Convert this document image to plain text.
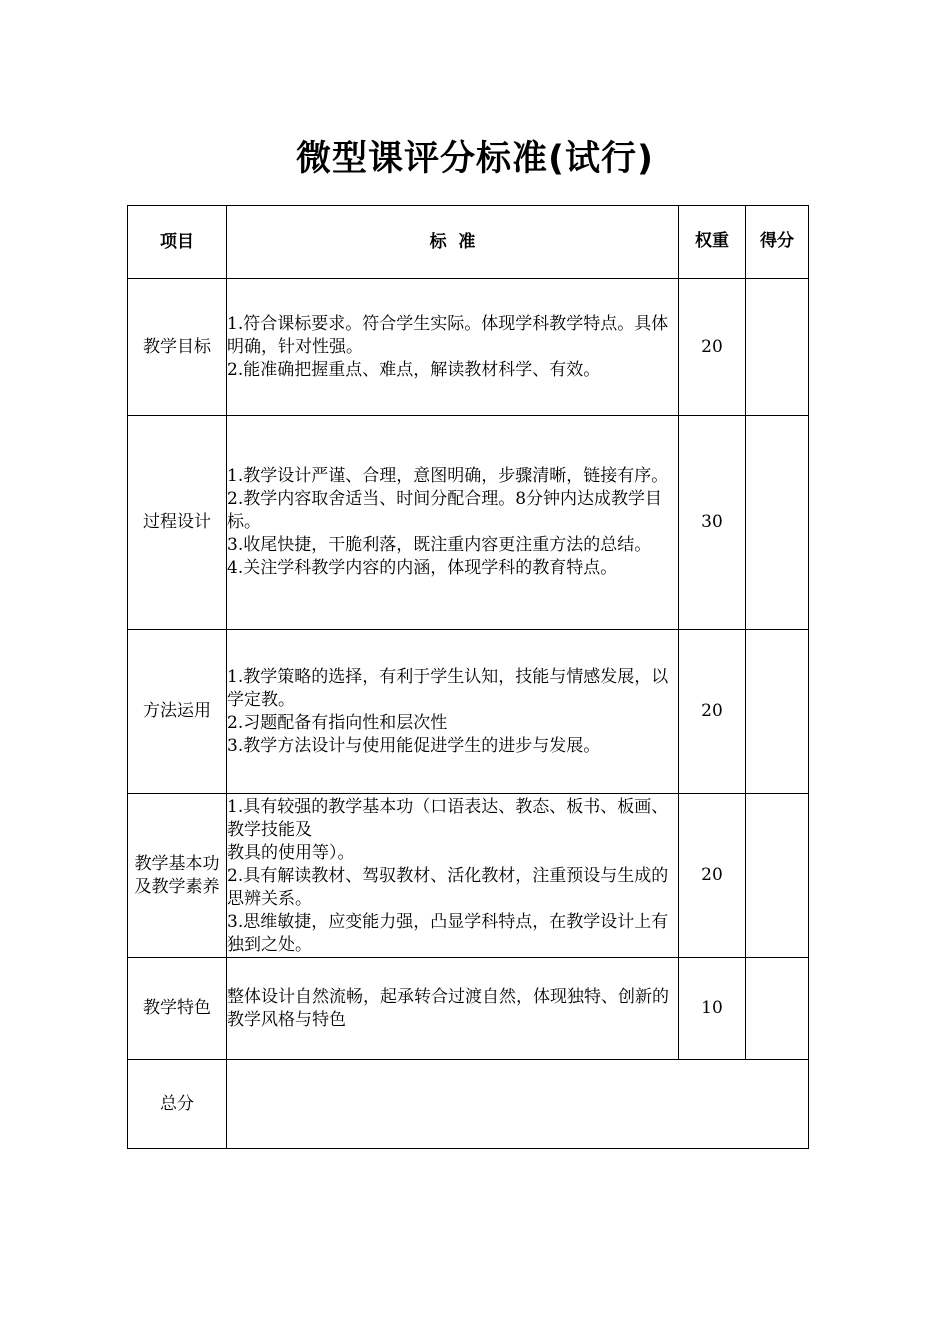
微型课评分标准(试行)
项目	标  准	权重	得分
教学目标	1.符合课标要求。符合学生实际。体现学科教学特点。具体明确，针对性强。
2.能准确把握重点、难点，解读教材科学、有效。	20	
过程设计	1.教学设计严谨、合理，意图明确，步骤清晰，链接有序。
2.教学内容取舍适当、时间分配合理。8分钟内达成教学目标。
3.收尾快捷，干脆利落，既注重内容更注重方法的总结。
4.关注学科教学内容的内涵，体现学科的教育特点。	30	
方法运用	1.教学策略的选择，有利于学生认知，技能与情感发展，以学定教。
2.习题配备有指向性和层次性
3.教学方法设计与使用能促进学生的进步与发展。	20	
教学基本功及教学素养	1.具有较强的教学基本功（口语表达、教态、板书、板画、教学技能及
教具的使用等）。
2.具有解读教材、驾驭教材、活化教材，注重预设与生成的思辨关系。
3.思维敏捷，应变能力强，凸显学科特点，在教学设计上有独到之处。	20	
教学特色	整体设计自然流畅，起承转合过渡自然，体现独特、创新的教学风格与特色	10	
总分			
